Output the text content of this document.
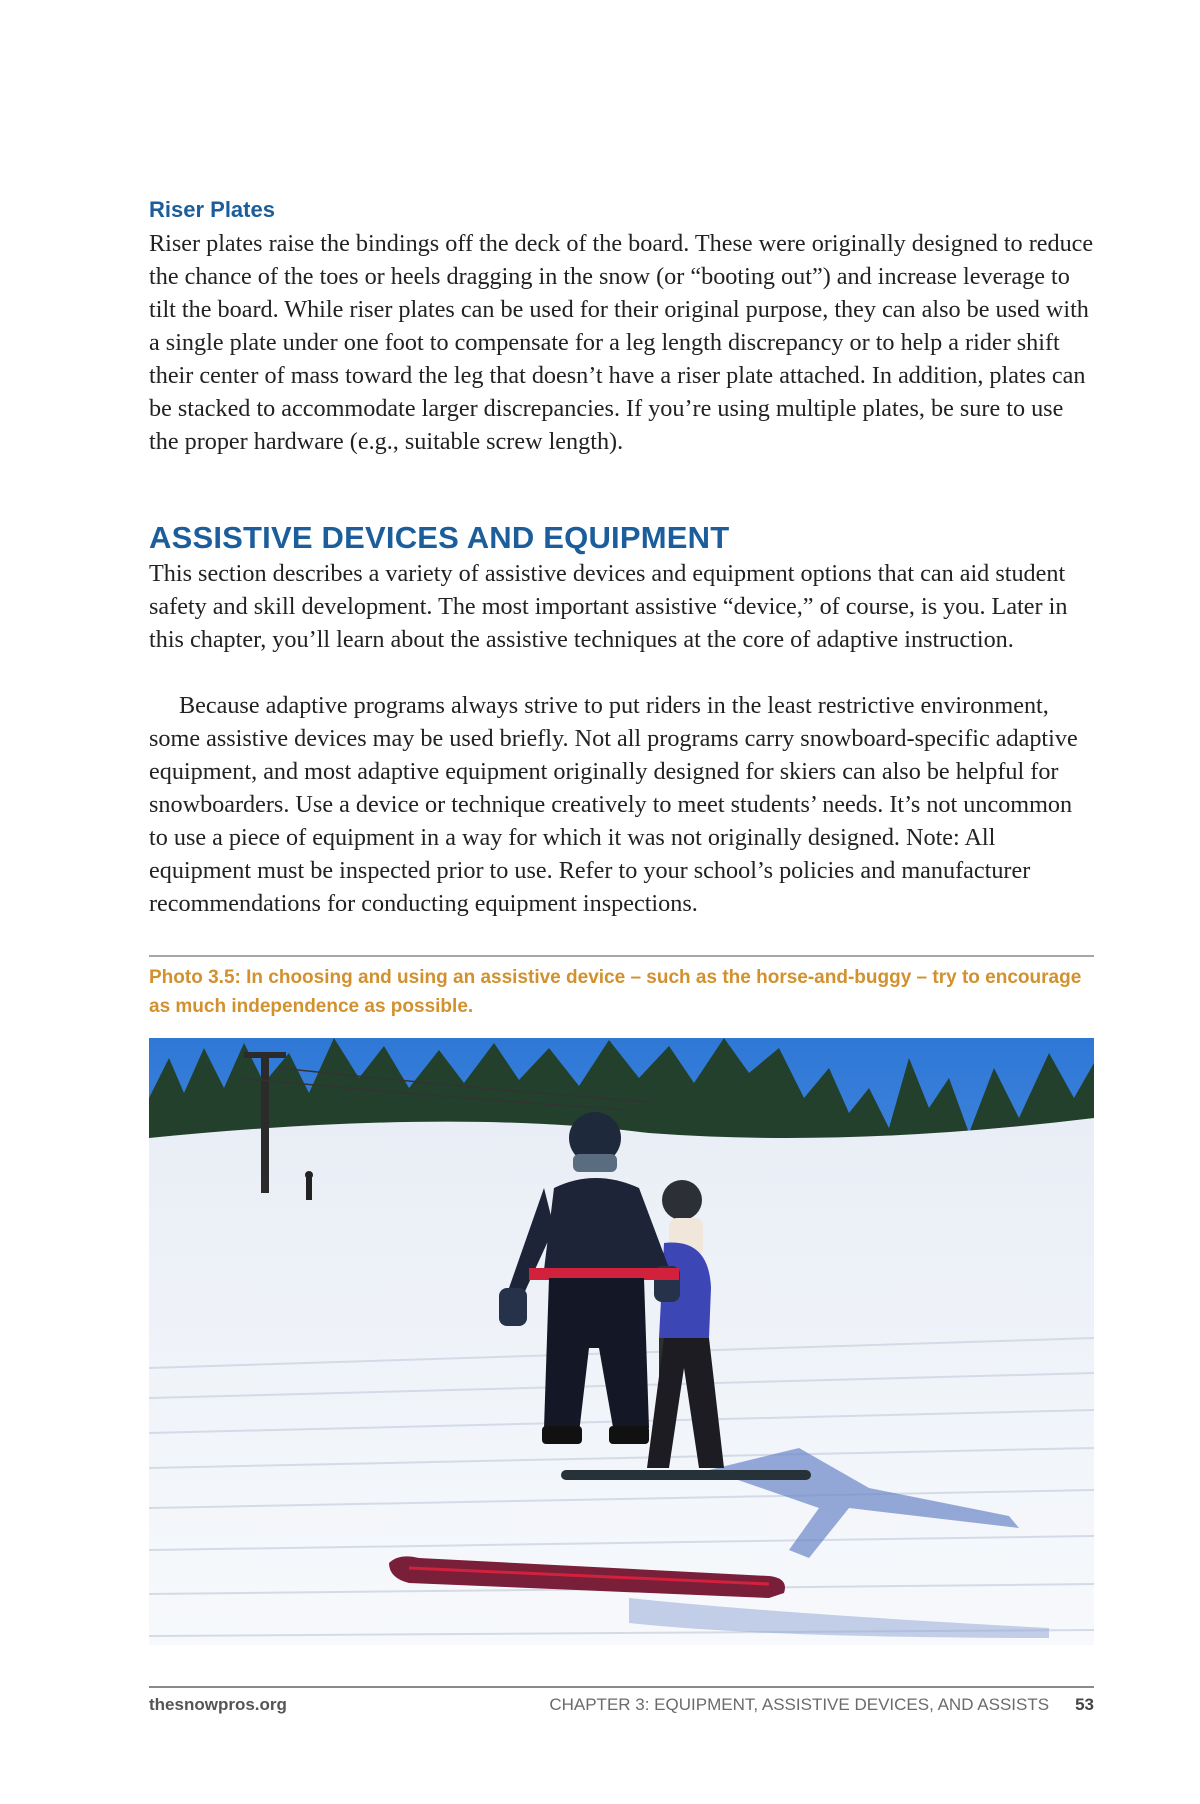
Riser Plates

Riser plates raise the bindings off the deck of the board. These were originally designed to reduce the chance of the toes or heels dragging in the snow (or “booting out”) and increase leverage to tilt the board. While riser plates can be used for their original purpose, they can also be used with a single plate under one foot to compensate for a leg length discrepancy or to help a rider shift their center of mass toward the leg that doesn’t have a riser plate attached. In addition, plates can be stacked to accommodate larger discrepancies. If you’re using multiple plates, be sure to use the proper hardware (e.g., suitable screw length).

ASSISTIVE DEVICES AND EQUIPMENT

This section describes a variety of assistive devices and equipment options that can aid student safety and skill development. The most important assistive “device,” of course, is you. Later in this chapter, you’ll learn about the assistive techniques at the core of adaptive instruction.

Because adaptive programs always strive to put riders in the least restrictive environment, some assistive devices may be used briefly. Not all programs carry snowboard-specific adaptive equipment, and most adaptive equipment originally designed for skiers can also be helpful for snowboarders. Use a device or technique creatively to meet students’ needs. It’s not uncommon to use a piece of equipment in a way for which it was not originally designed. Note: All equipment must be inspected prior to use. Refer to your school’s policies and manufacturer recommendations for conducting equipment inspections.

Photo 3.5: In choosing and using an assistive device – such as the horse-and-buggy – try to encourage as much independence as possible.
thesnowpros.org	CHAPTER 3: EQUIPMENT, ASSISTIVE DEVICES, AND ASSISTS 53
